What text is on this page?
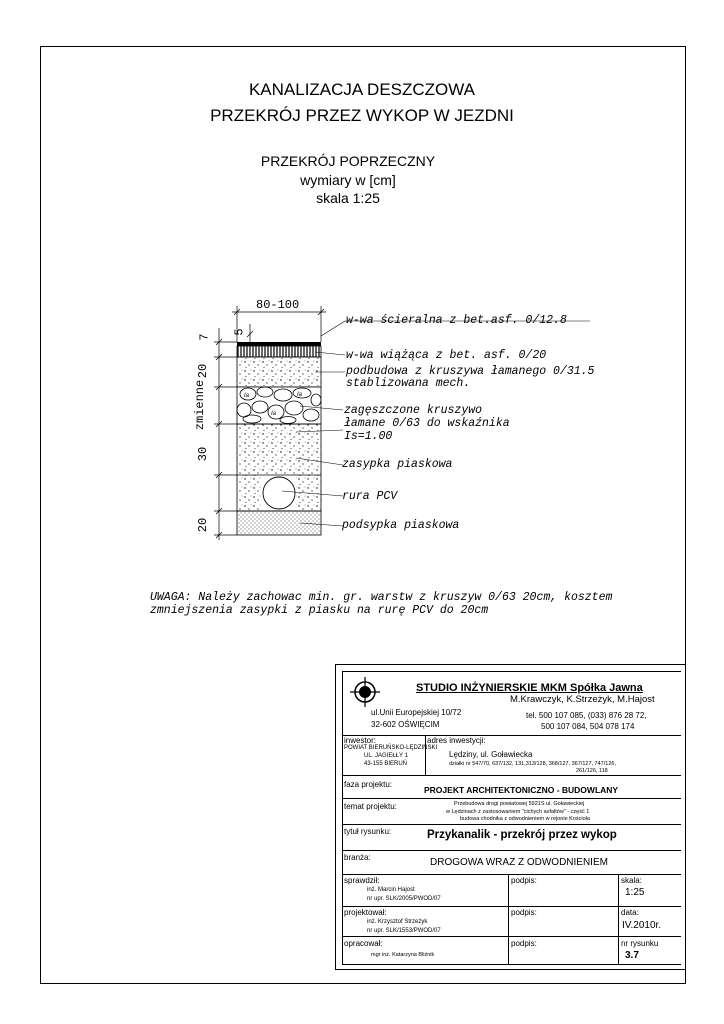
KANALIZACJA DESZCZOWA
PRZEKRÓJ PRZEZ WYKOP W JEZDNI
PRZEKRÓJ POPRZECZNY
wymiary w [cm]
skala 1:25
Ia	Ia
Ia
80-100
5
7
20
zmienne
30
20
w-wa ścieralna z bet.asf. 0/12.8
w-wa wiążąca z bet. asf. 0/20
podbudowa z kruszywa łamanego 0/31.5
stablizowana mech.
zagęszczone kruszywo
łamane 0/63 do wskaźnika
Is=1.00
zasypka piaskowa
rura PCV
podsypka piaskowa
UWAGA: Należy zachowac min. gr. warstw z kruszyw 0/63 20cm, kosztem
zmniejszenia zasypki z piasku na rurę PCV do 20cm
STUDIO INŻYNIERSKIE MKM Spółka Jawna
M.Krawczyk, K.Strzeżyk, M.Hajost
ul.Unii Europejskiej 10/72
32-602 OŚWIĘCIM
tel. 500 107 085, (033) 876 28 72,
500 107 084, 504 078 174
inwestor:
POWIAT BIERUŃSKO-LĘDZIŃSKI
UL. JAGIEŁŁY 1
43-155 BIERUŃ
adres inwestycji:
Lędziny, ul. Goławiecka
działki nr 547/70, 637/132, 131,313/128, 368/127, 367/127, 747/126,
261/126, 118
faza projektu:
PROJEKT ARCHITEKTONICZNO - BUDOWLANY
temat projektu:	Przebudowa drogi powiatowej 5921S ul. Goławieckiej
w Lędzinach z zastosowaniem "cichych asfaltów" - część 1
budowa chodnika z odwodnieniem w rejonie Kościoła
tytuł rysunku:	Przykanalik - przekrój przez wykop
branża:	DROGOWA WRAZ Z ODWODNIENIEM
sprawdził:
inż. Marcin Hajost
nr upr. SLK/2005/PWOD/07
podpis:	skala:
1:25
projektował:
inż. Krzysztof Strzeżyk
nr upr. SLK/1553/PWOD/07
podpis:	data:
IV.2010r.
opracował:
mgr inż. Katarzyna Bliźnik
podpis:	nr rysunku
3.7
